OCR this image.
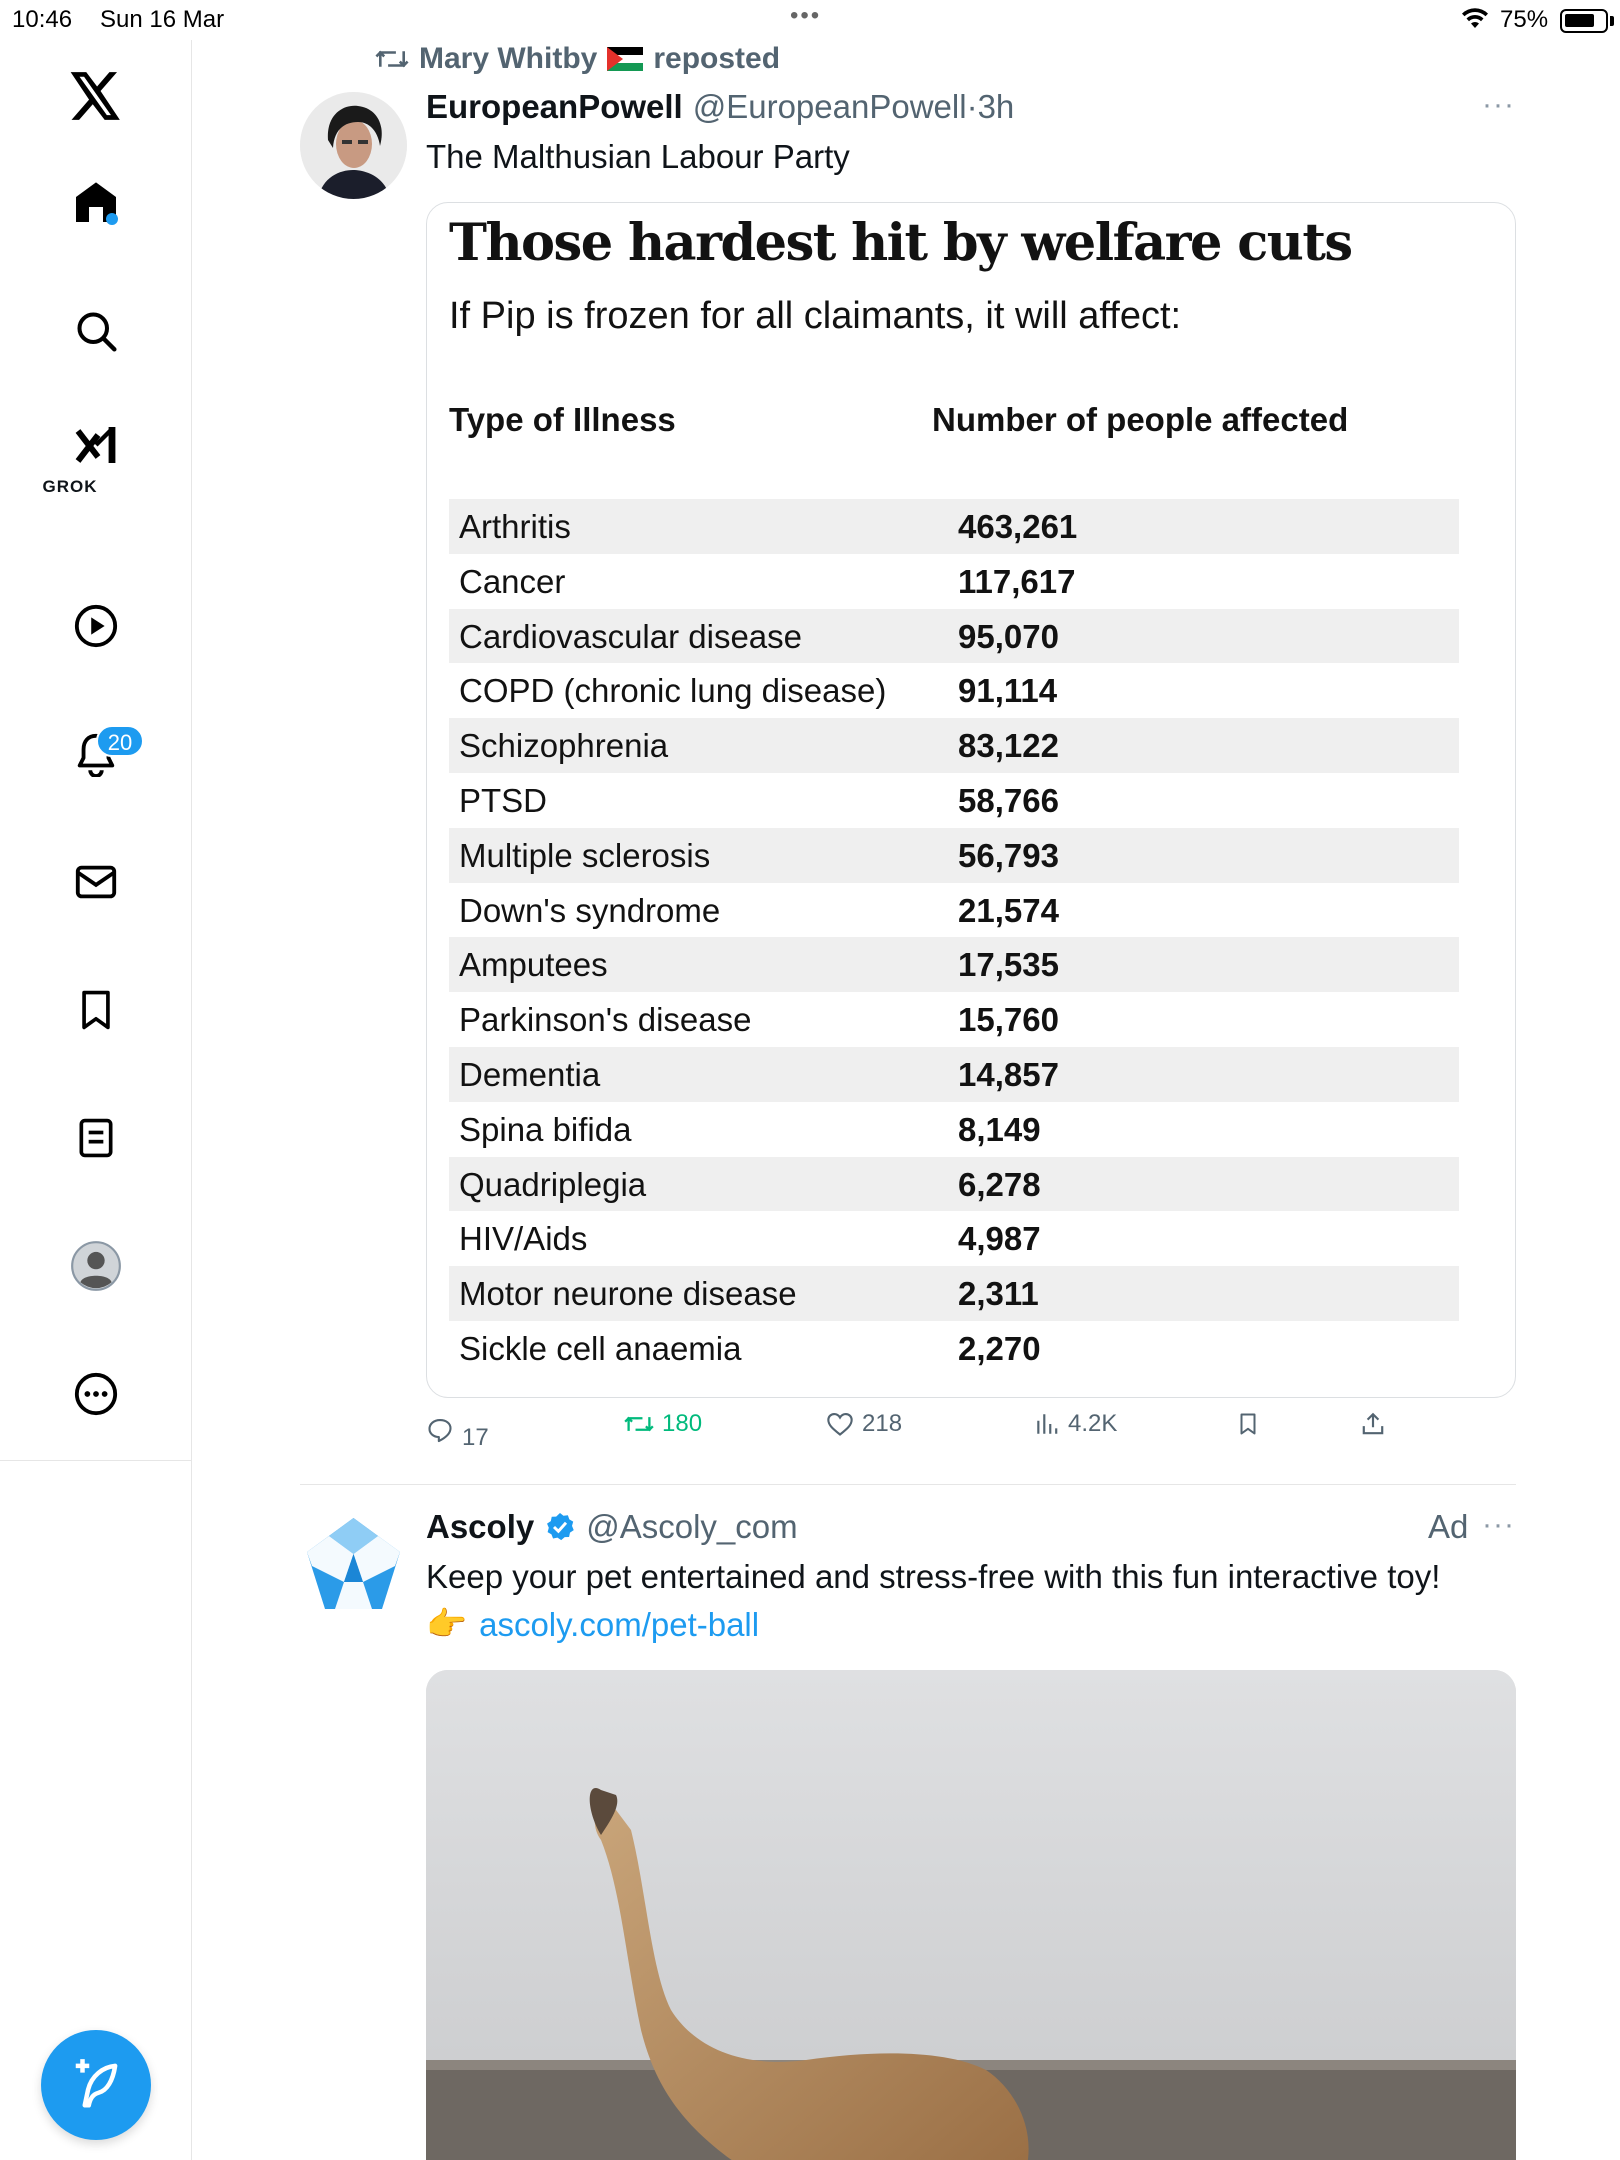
10:46 Sun 16 Mar	•••	75%
GROK
20
Mary Whitby reposted
EuropeanPowell @EuropeanPowell·3h	···
The Malthusian Labour Party
Those hardest hit by welfare cuts
If Pip is frozen for all claimants, it will affect:
Type of Illness	Number of people affected
Arthritis	463,261
Cancer	117,617
Cardiovascular disease	95,070
COPD (chronic lung disease) 91,114
Schizophrenia	83,122
PTSD	58,766
Multiple sclerosis	56,793
Down's syndrome	21,574
Amputees	17,535
Parkinson's disease	15,760
Dementia	14,857
Spina bifida	8,149
Quadriplegia	6,278
HIV/Aids	4,987
Motor neurone disease	2,311
Sickle cell anaemia	2,270
17
180	218	4.2K
Ascoly @Ascoly_com	Ad ···
Keep your pet entertained and stress-free with this fun interactive toy!
👉 ascoly.com/pet-ball
